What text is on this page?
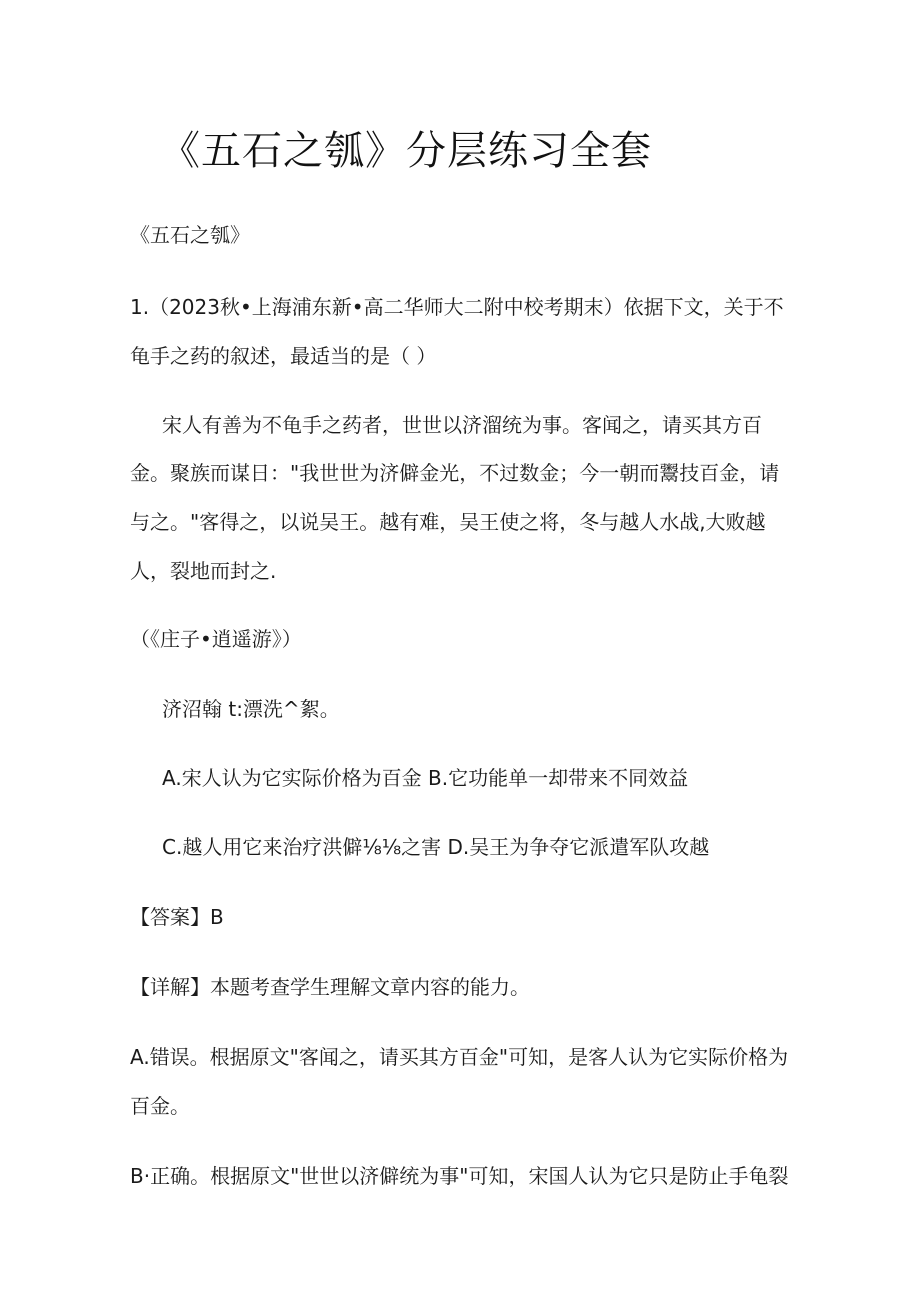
《五石之瓠》分层练习全套
《五石之瓠》
1.（2023秋•上海浦东新•高二华师大二附中校考期末）依据下文，关于不
龟手之药的叙述，最适当的是（ ）
宋人有善为不龟手之药者，世世以济溜统为事。客闻之，请买其方百
金。聚族而谋日："我世世为济僻金光，不过数金；今一朝而鬻技百金，请
与之。"客得之，以说吴王。越有难，吴王使之将，冬与越人水战,大败越
人，裂地而封之.
（《庄子•逍遥游》）
济沼翰 t:漂洗^絮。
A.宋人认为它实际价格为百金 B.它功能单一却带来不同效益
C.越人用它来治疗洪僻⅛⅛之害 D.吴王为争夺它派遣军队攻越
【答案】B
【详解】本题考查学生理解文章内容的能力。
A.错误。根据原文"客闻之，请买其方百金"可知，是客人认为它实际价格为
百金。
B·正确。根据原文"世世以济僻统为事"可知，宋国人认为它只是防止手龟裂
